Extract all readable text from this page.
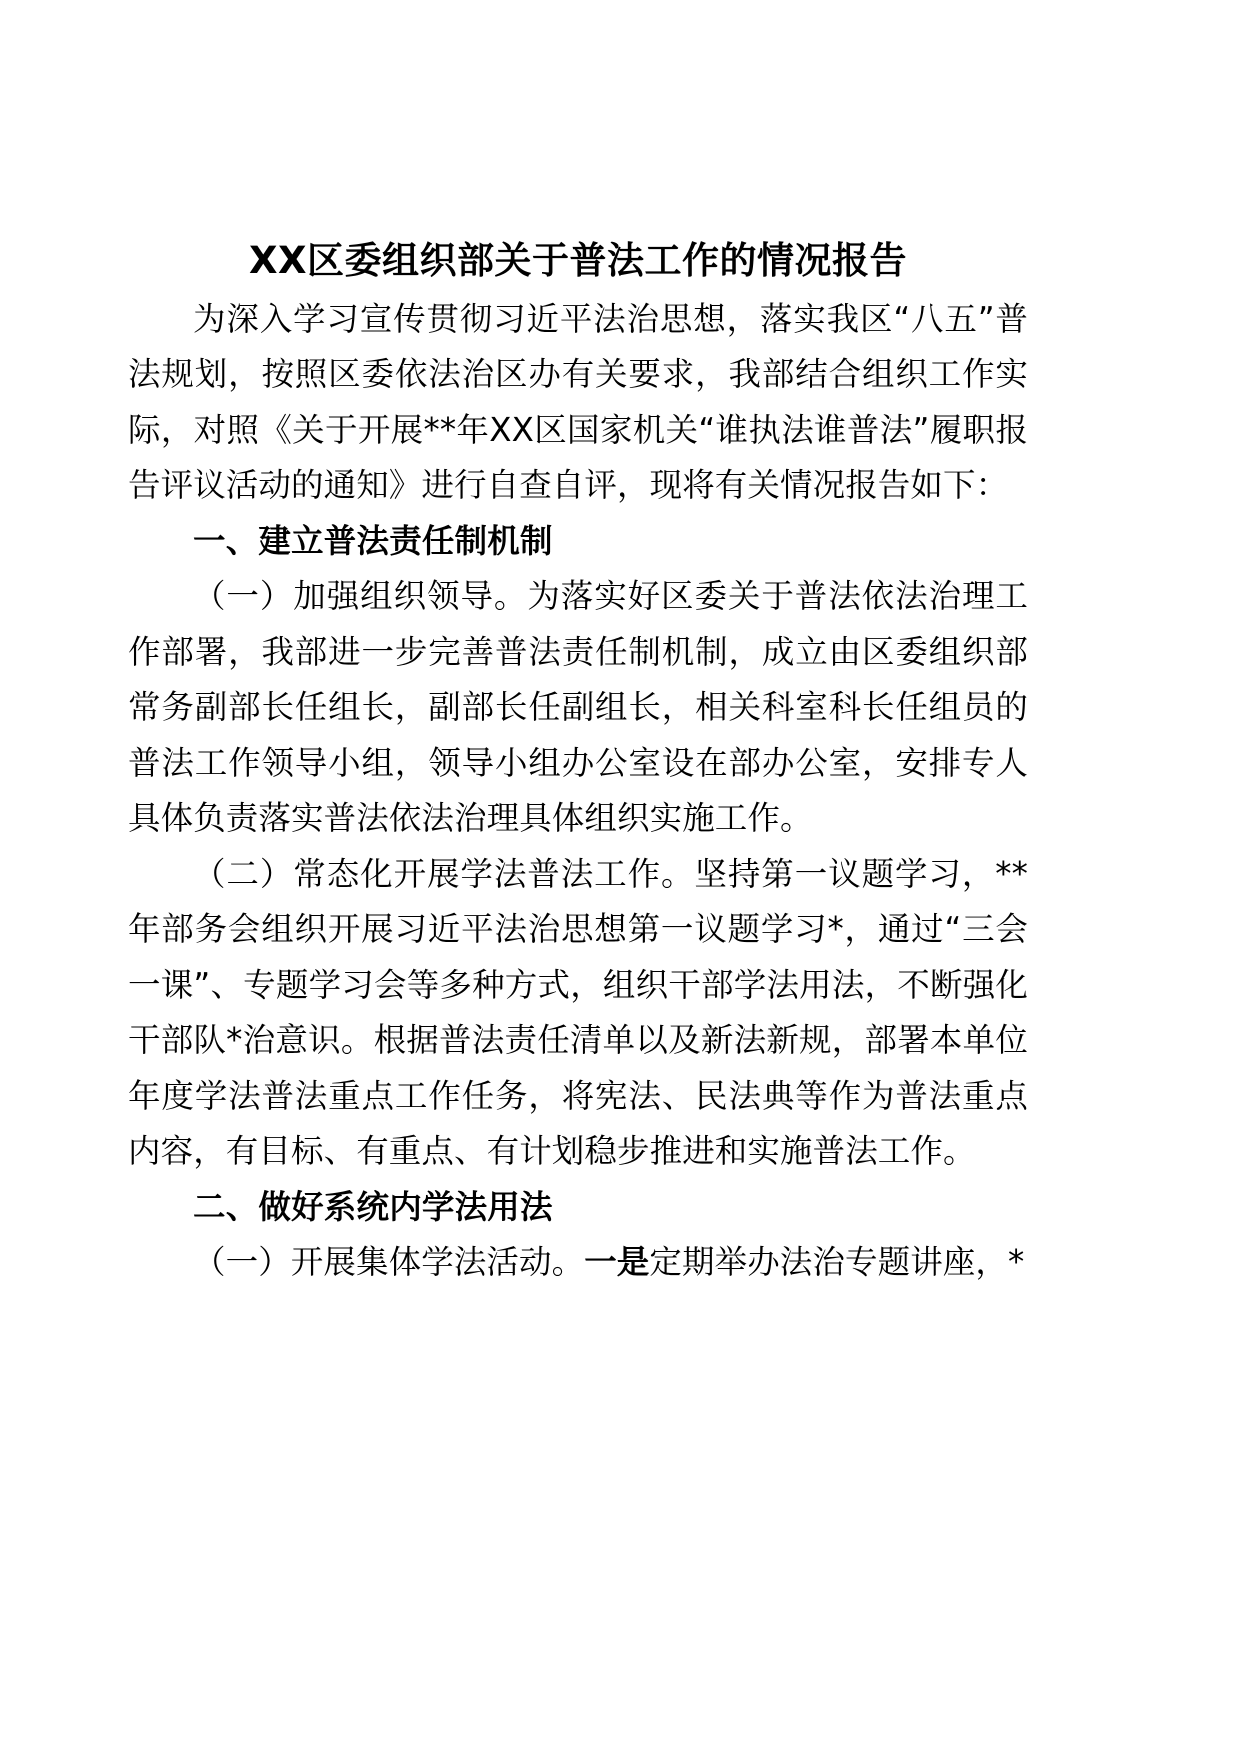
XX区委组织部关于普法工作的情况报告

为深入学习宣传贯彻习近平法治思想，落实我区“八五”普法规划，按照区委依法治区办有关要求，我部结合组织工作实际，对照《关于开展**年XX区国家机关“谁执法谁普法”履职报告评议活动的通知》进行自查自评，现将有关情况报告如下：

一、建立普法责任制机制

（一）加强组织领导。为落实好区委关于普法依法治理工作部署，我部进一步完善普法责任制机制，成立由区委组织部常务副部长任组长，副部长任副组长，相关科室科长任组员的普法工作领导小组，领导小组办公室设在部办公室，安排专人具体负责落实普法依法治理具体组织实施工作。

（二）常态化开展学法普法工作。坚持第一议题学习，**年部务会组织开展习近平法治思想第一议题学习*，通过“三会一课”、专题学习会等多种方式，组织干部学法用法，不断强化干部队*治意识。根据普法责任清单以及新法新规，部署本单位年度学法普法重点工作任务，将宪法、民法典等作为普法重点内容，有目标、有重点、有计划稳步推进和实施普法工作。

二、做好系统内学法用法

（一）开展集体学法活动。一是定期举办法治专题讲座，*
